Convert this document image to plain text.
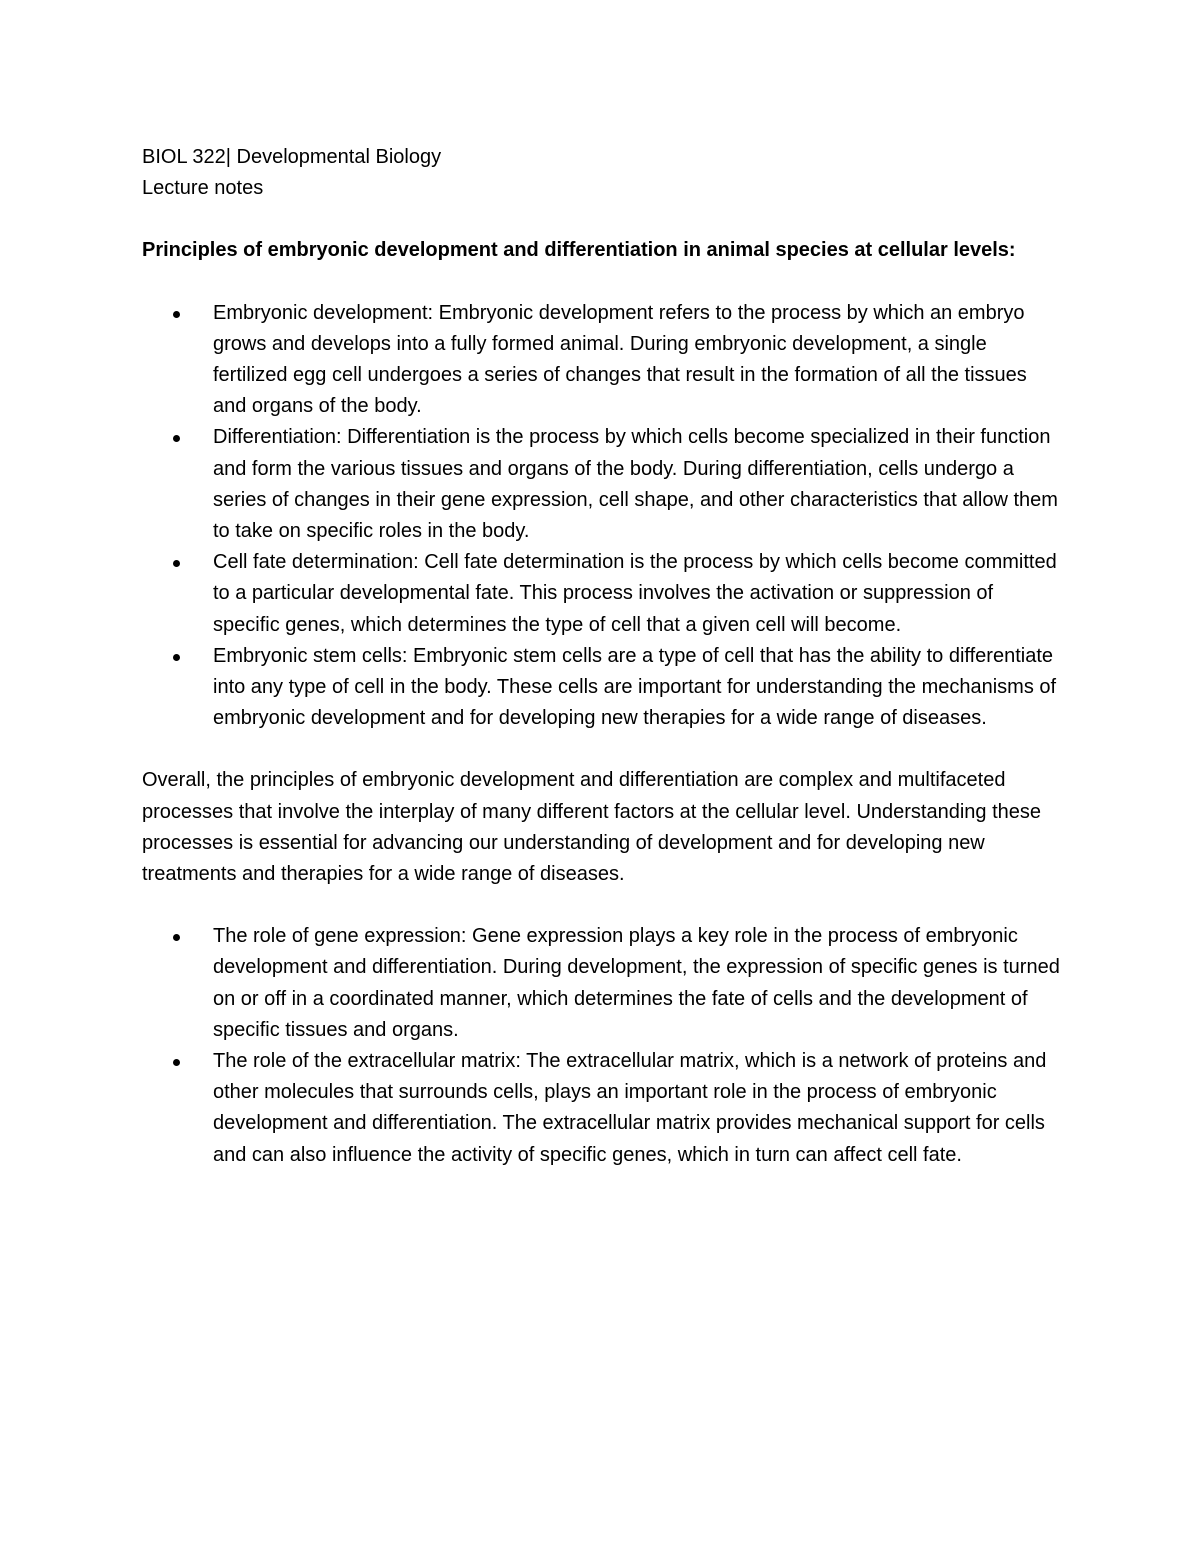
BIOL 322| Developmental Biology

Lecture notes

Principles of embryonic development and differentiation in animal species at cellular levels:

Embryonic development: Embryonic development refers to the process by which an embryo grows and develops into a fully formed animal. During embryonic development, a single fertilized egg cell undergoes a series of changes that result in the formation of all the tissues and organs of the body.
Differentiation: Differentiation is the process by which cells become specialized in their function and form the various tissues and organs of the body. During differentiation, cells undergo a series of changes in their gene expression, cell shape, and other characteristics that allow them to take on specific roles in the body.
Cell fate determination: Cell fate determination is the process by which cells become committed to a particular developmental fate. This process involves the activation or suppression of specific genes, which determines the type of cell that a given cell will become.
Embryonic stem cells: Embryonic stem cells are a type of cell that has the ability to differentiate into any type of cell in the body. These cells are important for understanding the mechanisms of embryonic development and for developing new therapies for a wide range of diseases.

Overall, the principles of embryonic development and differentiation are complex and multifaceted processes that involve the interplay of many different factors at the cellular level. Understanding these processes is essential for advancing our understanding of development and for developing new treatments and therapies for a wide range of diseases.

The role of gene expression: Gene expression plays a key role in the process of embryonic development and differentiation. During development, the expression of specific genes is turned on or off in a coordinated manner, which determines the fate of cells and the development of specific tissues and organs.
The role of the extracellular matrix: The extracellular matrix, which is a network of proteins and other molecules that surrounds cells, plays an important role in the process of embryonic development and differentiation. The extracellular matrix provides mechanical support for cells and can also influence the activity of specific genes, which in turn can affect cell fate.
